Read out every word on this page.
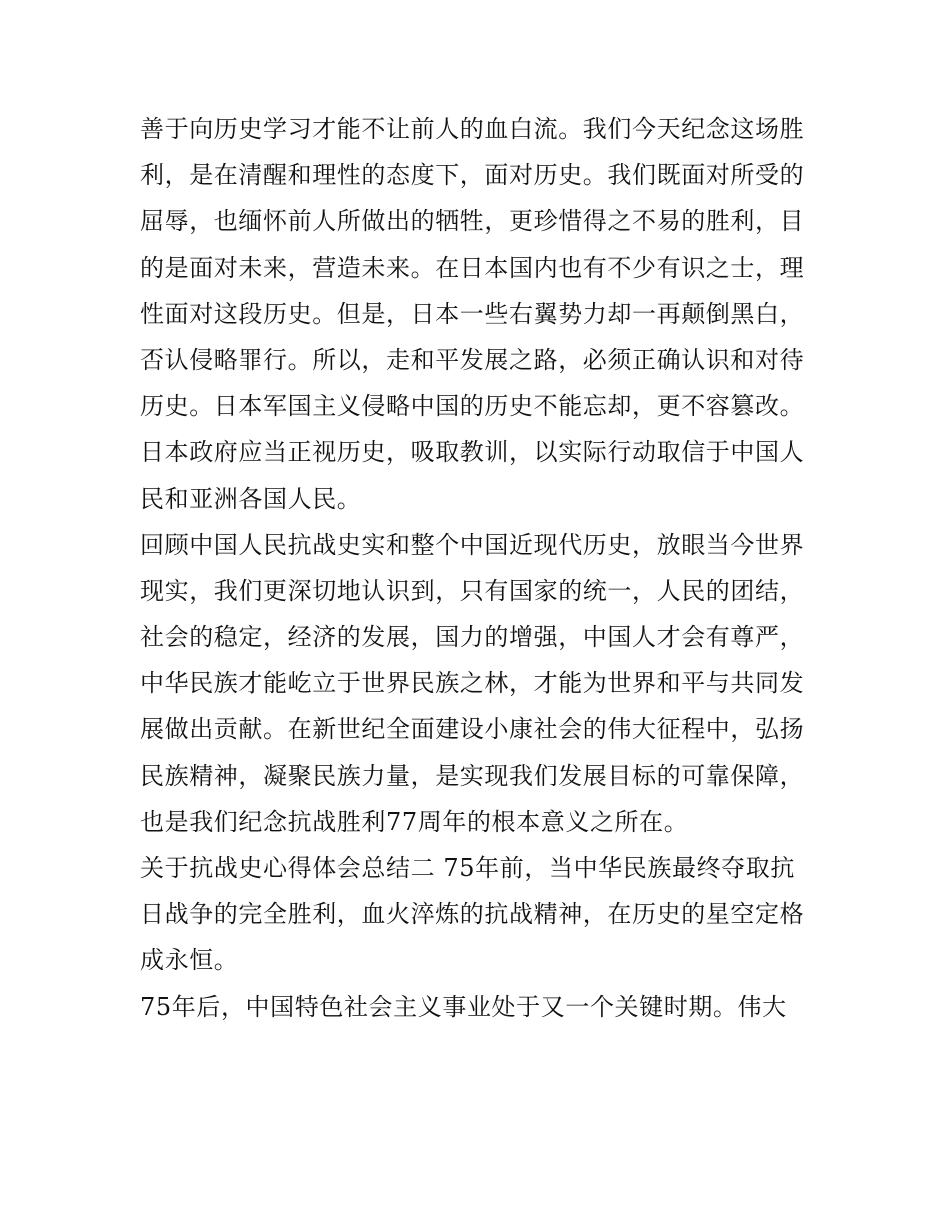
善于向历史学习才能不让前人的血白流。我们今天纪念这场胜
利，是在清醒和理性的态度下，面对历史。我们既面对所受的
屈辱，也缅怀前人所做出的牺牲，更珍惜得之不易的胜利，目
的是面对未来，营造未来。在日本国内也有不少有识之士，理
性面对这段历史。但是，日本一些右翼势力却一再颠倒黑白，
否认侵略罪行。所以，走和平发展之路，必须正确认识和对待
历史。日本军国主义侵略中国的历史不能忘却，更不容篡改。
日本政府应当正视历史，吸取教训，以实际行动取信于中国人
民和亚洲各国人民。
回顾中国人民抗战史实和整个中国近现代历史，放眼当今世界
现实，我们更深切地认识到，只有国家的统一，人民的团结，
社会的稳定，经济的发展，国力的增强，中国人才会有尊严，
中华民族才能屹立于世界民族之林，才能为世界和平与共同发
展做出贡献。在新世纪全面建设小康社会的伟大征程中，弘扬
民族精神，凝聚民族力量，是实现我们发展目标的可靠保障，
也是我们纪念抗战胜利77周年的根本意义之所在。
关于抗战史心得体会总结二 75年前，当中华民族最终夺取抗
日战争的完全胜利，血火淬炼的抗战精神，在历史的星空定格
成永恒。
75年后，中国特色社会主义事业处于又一个关键时期。伟大
